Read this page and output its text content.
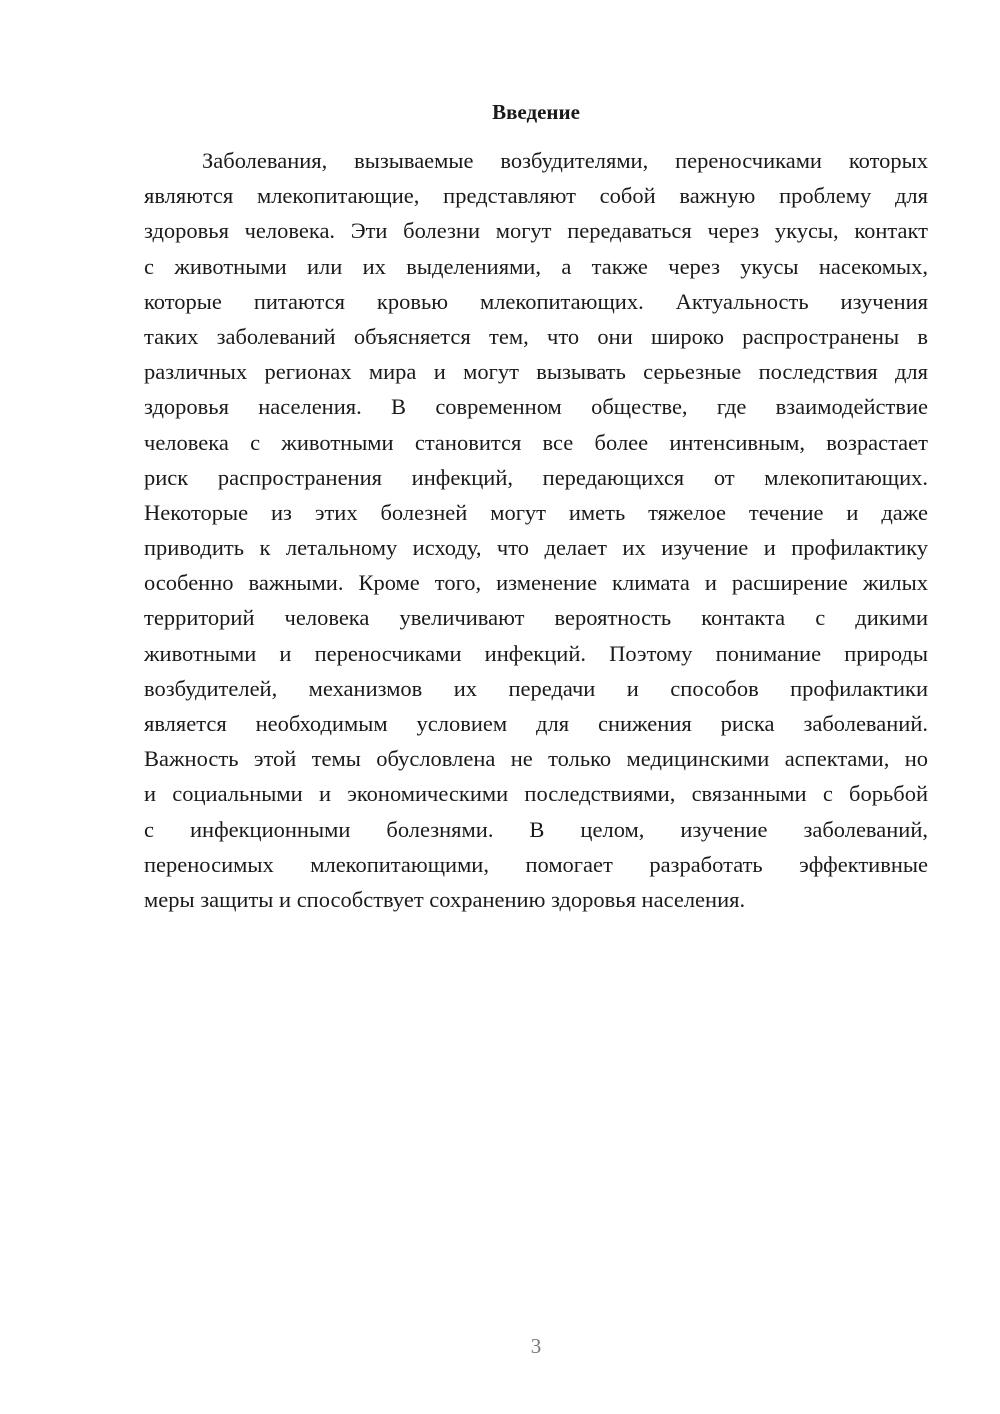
Введение
Заболевания, вызываемые возбудителями, переносчиками которых
являются млекопитающие, представляют собой важную проблему для
здоровья человека. Эти болезни могут передаваться через укусы, контакт
с животными или их выделениями, а также через укусы насекомых,
которые питаются кровью млекопитающих. Актуальность изучения
таких заболеваний объясняется тем, что они широко распространены в
различных регионах мира и могут вызывать серьезные последствия для
здоровья населения. В современном обществе, где взаимодействие
человека с животными становится все более интенсивным, возрастает
риск распространения инфекций, передающихся от млекопитающих.
Некоторые из этих болезней могут иметь тяжелое течение и даже
приводить к летальному исходу, что делает их изучение и профилактику
особенно важными. Кроме того, изменение климата и расширение жилых
территорий человека увеличивают вероятность контакта с дикими
животными и переносчиками инфекций. Поэтому понимание природы
возбудителей, механизмов их передачи и способов профилактики
является необходимым условием для снижения риска заболеваний.
Важность этой темы обусловлена не только медицинскими аспектами, но
и социальными и экономическими последствиями, связанными с борьбой
с инфекционными болезнями. В целом, изучение заболеваний,
переносимых млекопитающими, помогает разработать эффективные
меры защиты и способствует сохранению здоровья населения.
3
